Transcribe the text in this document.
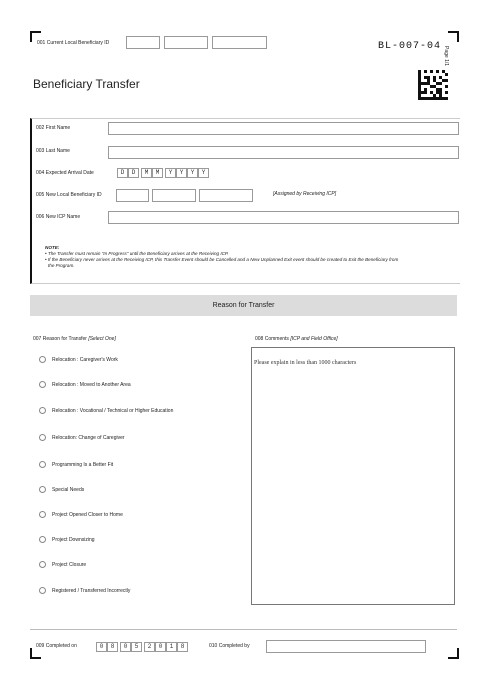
001 Current Local Beneficiary ID	BL-007-04 Page 1/1
Beneficiary Transfer
002 First Name
003 Last Name
004 Expected Arrival Date	D	D	M	M	Y	Y	Y	Y
005 New Local Beneficiary ID	[Assigned by Receiving ICP]
006 New ICP Name
NOTE:
• The Transfer must remain "In Progress" until the Beneficiary arrives at the Receiving ICP.
• If the Beneficiary never arrives at the Receiving ICP, this Transfer Event should be Cancelled and a New Unplanned Exit event should be created to Exit the Beneficiary from
the Program.
Reason for Transfer
007 Reason for Transfer [Select One]
Relocation : Caregiver's Work
Relocation : Moved to Another Area
Relocation : Vocational / Technical or Higher Education
Relocation: Change of Caregiver
Programming Is a Better Fit
Special Needs
Project Opened Closer to Home
Project Downsizing
Project Closure
Registered / Transferred Incorrectly
008 Comments [ICP and Field Office]
Please explain in less than 1000 characters
009 Completed on	0	8	0	5	2	0	1	8	010 Completed by
